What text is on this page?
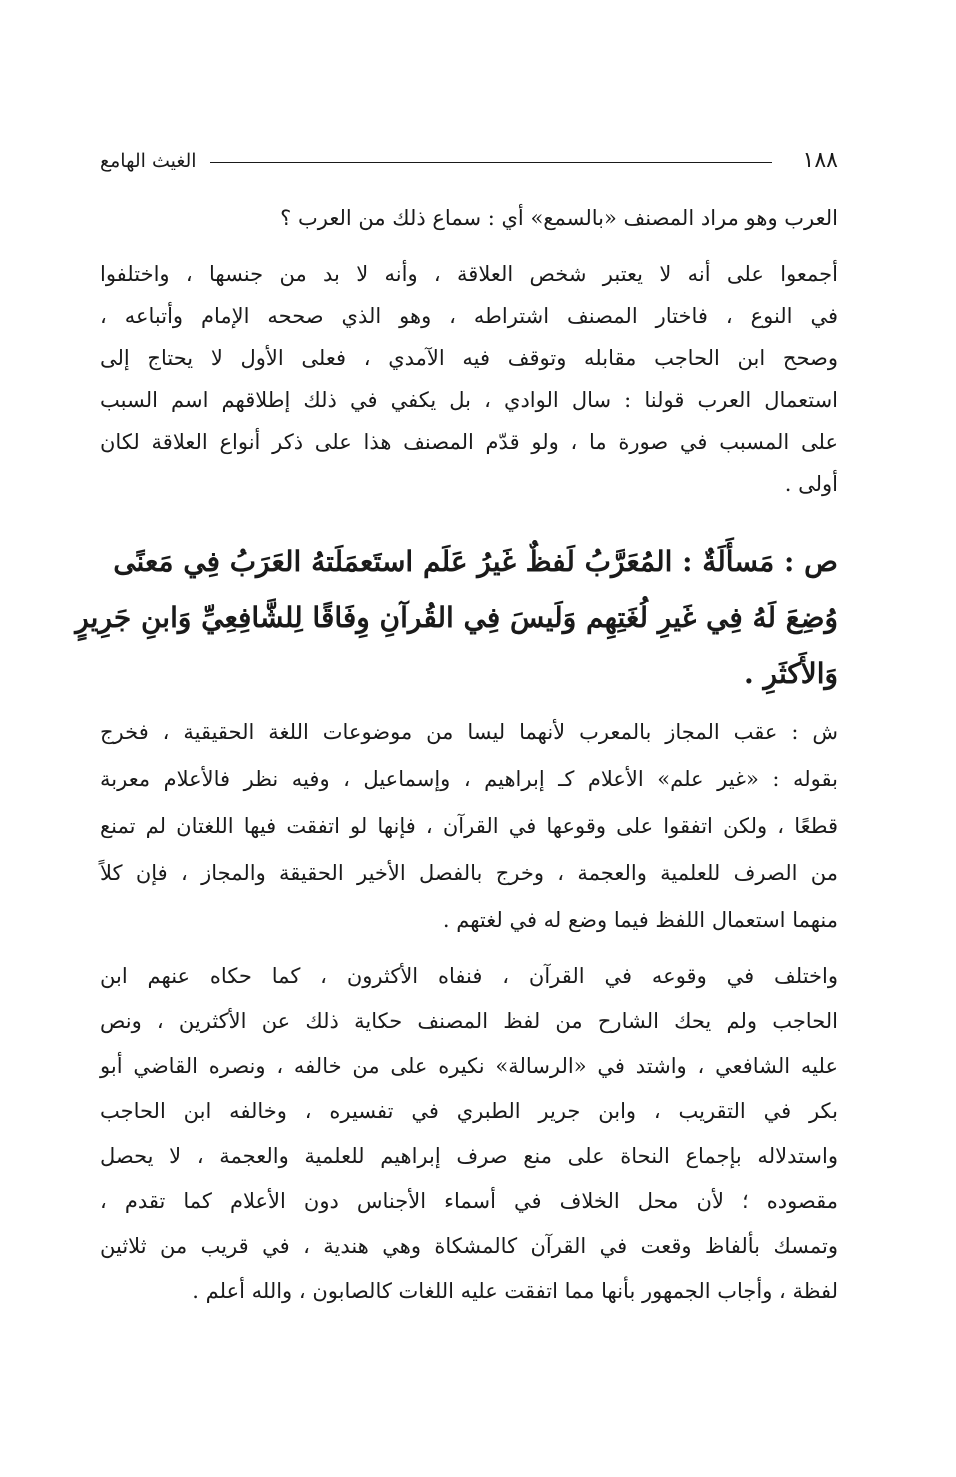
١٨٨
الغيث الهامع
العرب وهو مراد المصنف «بالسمع» أي : سماع ذلك من العرب ؟
أجمعوا على أنه لا يعتبر شخص العلاقة ، وأنه لا بد من جنسها ، واختلفوا
في النوع ، فاختار المصنف اشتراطه ، وهو الذي صححه الإمام وأتباعه ،
وصحح ابن الحاجب مقابله وتوقف فيه الآمدي ، فعلى الأول لا يحتاج إلى
استعمال العرب قولنا : سال الوادي ، بل يكفي في ذلك إطلاقهم اسم السبب
على المسبب في صورة ما ، ولو قدّم المصنف هذا على ذكر أنواع العلاقة لكان
أولى .
ص : مَسأَلَةٌ : المُعَرَّبُ لَفظٌ غَيرُ عَلَم استَعمَلَتهُ العَرَبُ فِي مَعنًى
وُضِعَ لَهُ فِي غَيرِ لُغَتِهِم وَلَيسَ فِي القُرآنِ وِفَاقًا لِلشَّافِعِيِّ وَابنِ جَرِيرٍ
وَالأَكثَرِ .
ش : عقب المجاز بالمعرب لأنهما ليسا من موضوعات اللغة الحقيقية ، فخرج
بقوله : «غير علم» الأعلام كـ إبراهيم ، وإسماعيل ، وفيه نظر فالأعلام معربة
قطعًا ، ولكن اتفقوا على وقوعها في القرآن ، فإنها لو اتفقت فيها اللغتان لم تمنع
من الصرف للعلمية والعجمة ، وخرج بالفصل الأخير الحقيقة والمجاز ، فإن كلاً
منهما استعمال اللفظ فيما وضع له في لغتهم .
واختلف في وقوعه في القرآن ، فنفاه الأكثرون ، كما حكاه عنهم ابن
الحاجب ولم يحك الشارح من لفظ المصنف حكاية ذلك عن الأكثرين ، ونص
عليه الشافعي ، واشتد في «الرسالة» نكيره على من خالفه ، ونصره القاضي أبو
بكر في التقريب ، وابن جرير الطبري في تفسيره ، وخالفه ابن الحاجب
واستدلاله بإجماع النحاة على منع صرف إبراهيم للعلمية والعجمة ، لا يحصل
مقصوده ؛ لأن محل الخلاف في أسماء الأجناس دون الأعلام كما تقدم ،
وتمسك بألفاظ وقعت في القرآن كالمشكاة وهي هندية ، في قريب من ثلاثين
لفظة ، وأجاب الجمهور بأنها مما اتفقت عليه اللغات كالصابون ، والله أعلم .
